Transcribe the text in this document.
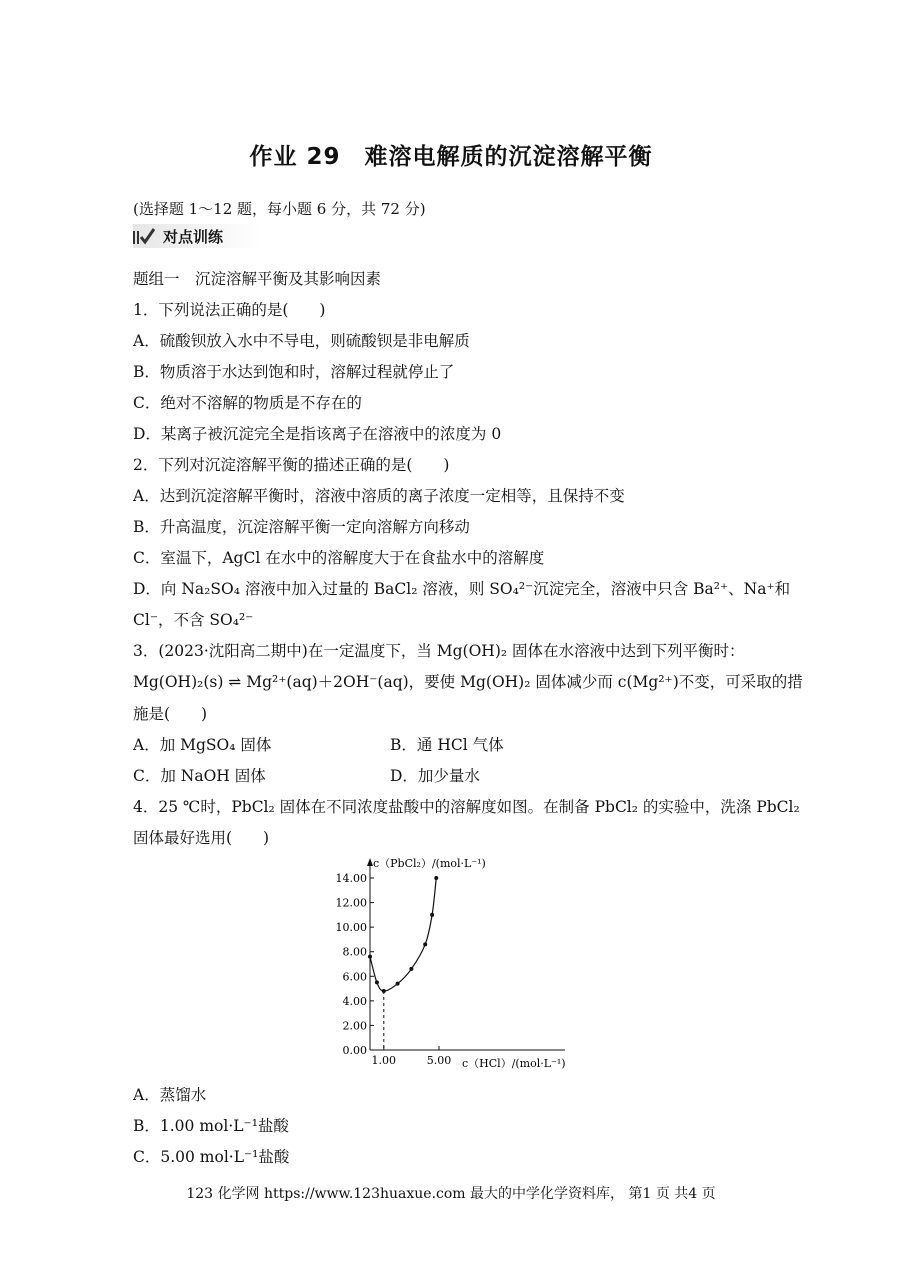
作业 29　难溶电解质的沉淀溶解平衡
(选择题 1～12 题，每小题 6 分，共 72 分)
对点训练
题组一　沉淀溶解平衡及其影响因素
1．下列说法正确的是(　　)
A．硫酸钡放入水中不导电，则硫酸钡是非电解质
B．物质溶于水达到饱和时，溶解过程就停止了
C．绝对不溶解的物质是不存在的
D．某离子被沉淀完全是指该离子在溶液中的浓度为 0
2．下列对沉淀溶解平衡的描述正确的是(　　)
A．达到沉淀溶解平衡时，溶液中溶质的离子浓度一定相等，且保持不变
B．升高温度，沉淀溶解平衡一定向溶解方向移动
C．室温下，AgCl 在水中的溶解度大于在食盐水中的溶解度
D．向 Na₂SO₄ 溶液中加入过量的 BaCl₂ 溶液，则 SO₄²⁻沉淀完全，溶液中只含 Ba²⁺、Na⁺和
Cl⁻，不含 SO₄²⁻
3．(2023·沈阳高二期中)在一定温度下，当 Mg(OH)₂ 固体在水溶液中达到下列平衡时：
Mg(OH)₂(s) ⇌ Mg²⁺(aq)＋2OH⁻(aq)，要使 Mg(OH)₂ 固体减少而 c(Mg²⁺)不变，可采取的措
施是(　　)
A．加 MgSO₄ 固体	B．通 HCl 气体
C．加 NaOH 固体	D．加少量水
4．25 ℃时，PbCl₂ 固体在不同浓度盐酸中的溶解度如图。在制备 PbCl₂ 的实验中，洗涤 PbCl₂
固体最好选用(　　)
0.00
2.00
4.00
6.00
8.00
10.00
12.00
14.00
1.00	5.00
c（PbCl₂）/(mol·L⁻¹)
c（HCl）/(mol·L⁻¹)
A．蒸馏水
B．1.00 mol·L⁻¹盐酸
C．5.00 mol·L⁻¹盐酸
123 化学网 https://www.123huaxue.com 最大的中学化学资料库， 第1 页 共4 页
